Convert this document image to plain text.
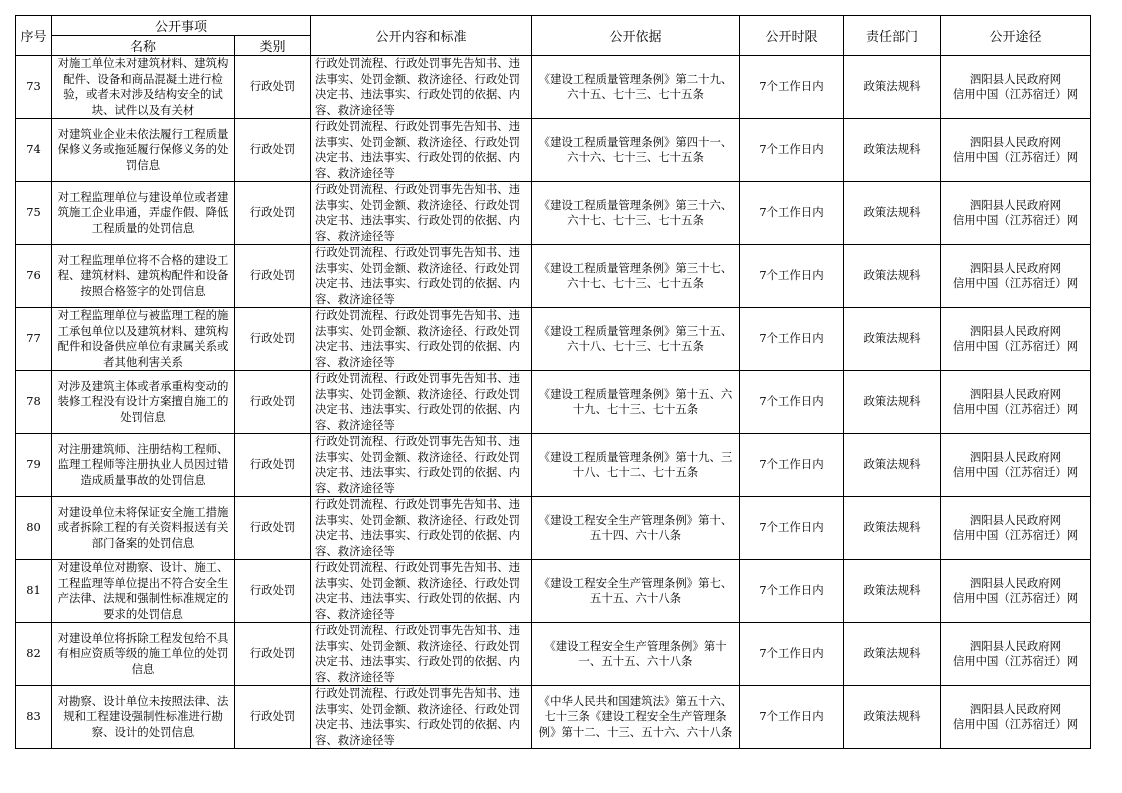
序号	公开事项		公开内容和标准	公开依据	公开时限	责任部门	公开途径
	名称	类别					
73	对施工单位未对建筑材料、建筑构配件、设备和商品混凝土进行检验，或者未对涉及结构安全的试块、试件以及有关材	行政处罚	行政处罚流程、行政处罚事先告知书、违法事实、处罚金额、救济途径、行政处罚决定书、违法事实、行政处罚的依据、内容、救济途径等	《建设工程质量管理条例》第二十九、六十五、七十三、七十五条	7个工作日内	政策法规科	泗阳县人民政府网
信用中国（江苏宿迁）网

74	对建筑业企业未依法履行工程质量保修义务或拖延履行保修义务的处罚信息	行政处罚	行政处罚流程、行政处罚事先告知书、违法事实、处罚金额、救济途径、行政处罚决定书、违法事实、行政处罚的依据、内容、救济途径等	《建设工程质量管理条例》第四十一、六十六、七十三、七十五条	7个工作日内	政策法规科	泗阳县人民政府网
信用中国（江苏宿迁）网

75	对工程监理单位与建设单位或者建筑施工企业串通，弄虚作假、降低工程质量的处罚信息	行政处罚	行政处罚流程、行政处罚事先告知书、违法事实、处罚金额、救济途径、行政处罚决定书、违法事实、行政处罚的依据、内容、救济途径等	《建设工程质量管理条例》第三十六、六十七、七十三、七十五条	7个工作日内	政策法规科	泗阳县人民政府网
信用中国（江苏宿迁）网

76	对工程监理单位将不合格的建设工程、建筑材料、建筑构配件和设备按照合格签字的处罚信息	行政处罚	行政处罚流程、行政处罚事先告知书、违法事实、处罚金额、救济途径、行政处罚决定书、违法事实、行政处罚的依据、内容、救济途径等	《建设工程质量管理条例》第三十七、六十七、七十三、七十五条	7个工作日内	政策法规科	泗阳县人民政府网
信用中国（江苏宿迁）网

77	对工程监理单位与被监理工程的施工承包单位以及建筑材料、建筑构配件和设备供应单位有隶属关系或者其他利害关系	行政处罚	行政处罚流程、行政处罚事先告知书、违法事实、处罚金额、救济途径、行政处罚决定书、违法事实、行政处罚的依据、内容、救济途径等	《建设工程质量管理条例》第三十五、六十八、七十三、七十五条	7个工作日内	政策法规科	泗阳县人民政府网
信用中国（江苏宿迁）网

78	对涉及建筑主体或者承重构变动的装修工程没有设计方案擅自施工的处罚信息	行政处罚	行政处罚流程、行政处罚事先告知书、违法事实、处罚金额、救济途径、行政处罚决定书、违法事实、行政处罚的依据、内容、救济途径等	《建设工程质量管理条例》第十五、六十九、七十三、七十五条	7个工作日内	政策法规科	泗阳县人民政府网
信用中国（江苏宿迁）网

79	对注册建筑师、注册结构工程师、监理工程师等注册执业人员因过错造成质量事故的处罚信息	行政处罚	行政处罚流程、行政处罚事先告知书、违法事实、处罚金额、救济途径、行政处罚决定书、违法事实、行政处罚的依据、内容、救济途径等	《建设工程质量管理条例》第十九、三十八、七十二、七十五条	7个工作日内	政策法规科	泗阳县人民政府网
信用中国（江苏宿迁）网

80	对建设单位未将保证安全施工措施或者拆除工程的有关资料报送有关部门备案的处罚信息	行政处罚	行政处罚流程、行政处罚事先告知书、违法事实、处罚金额、救济途径、行政处罚决定书、违法事实、行政处罚的依据、内容、救济途径等	《建设工程安全生产管理条例》第十、五十四、六十八条	7个工作日内	政策法规科	泗阳县人民政府网
信用中国（江苏宿迁）网

81	对建设单位对勘察、设计、施工、工程监理等单位提出不符合安全生产法律、法规和强制性标准规定的要求的处罚信息	行政处罚	行政处罚流程、行政处罚事先告知书、违法事实、处罚金额、救济途径、行政处罚决定书、违法事实、行政处罚的依据、内容、救济途径等	《建设工程安全生产管理条例》第七、五十五、六十八条	7个工作日内	政策法规科	泗阳县人民政府网
信用中国（江苏宿迁）网

82	对建设单位将拆除工程发包给不具有相应资质等级的施工单位的处罚信息	行政处罚	行政处罚流程、行政处罚事先告知书、违法事实、处罚金额、救济途径、行政处罚决定书、违法事实、行政处罚的依据、内容、救济途径等	《建设工程安全生产管理条例》第十一、五十五、六十八条	7个工作日内	政策法规科	泗阳县人民政府网
信用中国（江苏宿迁）网

83	对勘察、设计单位未按照法律、法规和工程建设强制性标准进行勘察、设计的处罚信息	行政处罚	行政处罚流程、行政处罚事先告知书、违法事实、处罚金额、救济途径、行政处罚决定书、违法事实、行政处罚的依据、内容、救济途径等	《中华人民共和国建筑法》第五十六、七十三条《建设工程安全生产管理条例》第十二、十三、五十六、六十八条	7个工作日内	政策法规科	泗阳县人民政府网
信用中国（江苏宿迁）网
